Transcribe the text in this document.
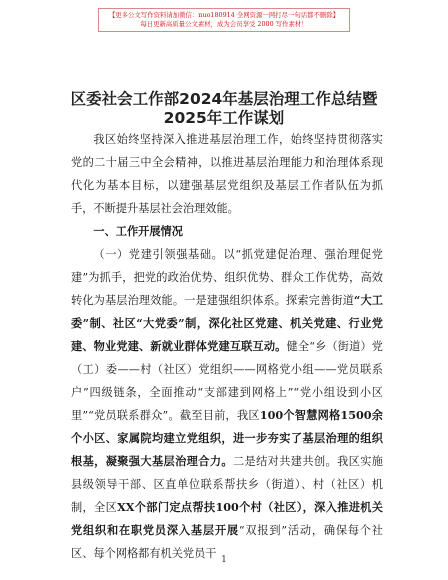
【更多公文写作资料请加微信：nuo180914 全网资源一网打尽一句话都不删除】
每日更新高质量公文素材，成为会员享受 2000 写作素材！
区委社会工作部2024年基层治理工作总结暨
2025年工作谋划

我区始终坚持深入推进基层治理工作，始终坚持贯彻落实党的二十届三中全会精神，以推进基层治理能力和治理体系现代化为基本目标，以建强基层党组织及基层工作者队伍为抓手，不断提升基层社会治理效能。

一、工作开展情况

（一）党建引领强基础。以“抓党建促治理、强治理促党建”为抓手，把党的政治优势、组织优势、群众工作优势，高效转化为基层治理效能。一是建强组织体系。探索完善街道“大工委”制、社区“大党委”制，深化社区党建、机关党建、行业党建、物业党建、新就业群体党建互联互动。健全“乡（街道）党（工）委——村（社区）党组织——网格党小组——党员联系户”四级链条，全面推动“支部建到网格上”“党小组设到小区里”“党员联系群众”。截至目前，我区100个智慧网格1500余个小区、家属院均建立党组织，进一步夯实了基层治理的组织根基，凝聚强大基层治理合力。二是结对共建共创。我区实施县级领导干部、区直单位联系帮扶乡（街道）、村（社区）机制，全区XX个部门定点帮扶100个村（社区），深入推进机关党组织和在职党员深入基层开展“双报到”活动，确保每个社区、每个网格都有机关党员干 1
